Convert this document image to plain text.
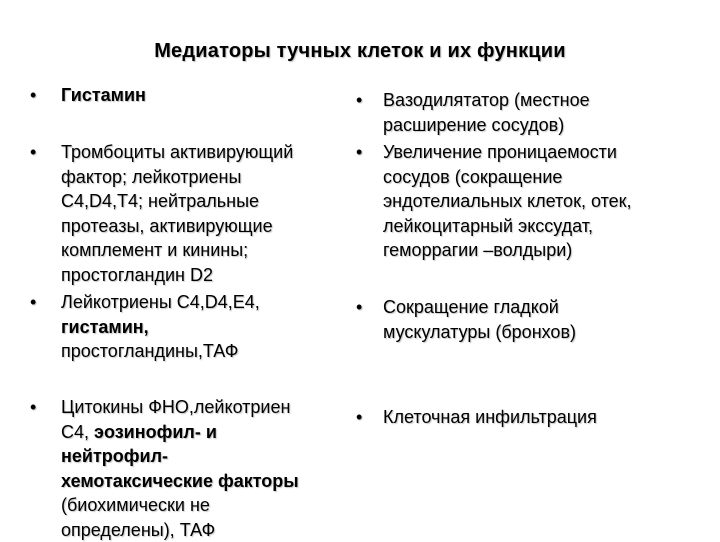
Медиаторы тучных клеток и их функции
• Гистамин
• Тромбоциты активирующий
фактор; лейкотриены
C4,D4,T4; нейтральные
протеазы, активирующие
комплемент и кинины;
простогландин D2
• Лейкотриены C4,D4,E4,
гистамин,
простогландины,ТАФ
• Цитокины ФНО,лейкотриен
C4, эозинофил- и
нейтрофил-
хемотаксические факторы
(биохимически не
определены), ТАФ
• Вазодилятатор (местное
расширение сосудов)
• Увеличение проницаемости
сосудов (сокращение
эндотелиальных клеток, отек,
лейкоцитарный экссудат,
геморрагии –волдыри)
• Сокращение гладкой
мускулатуры (бронхов)
• Клеточная инфильтрация
